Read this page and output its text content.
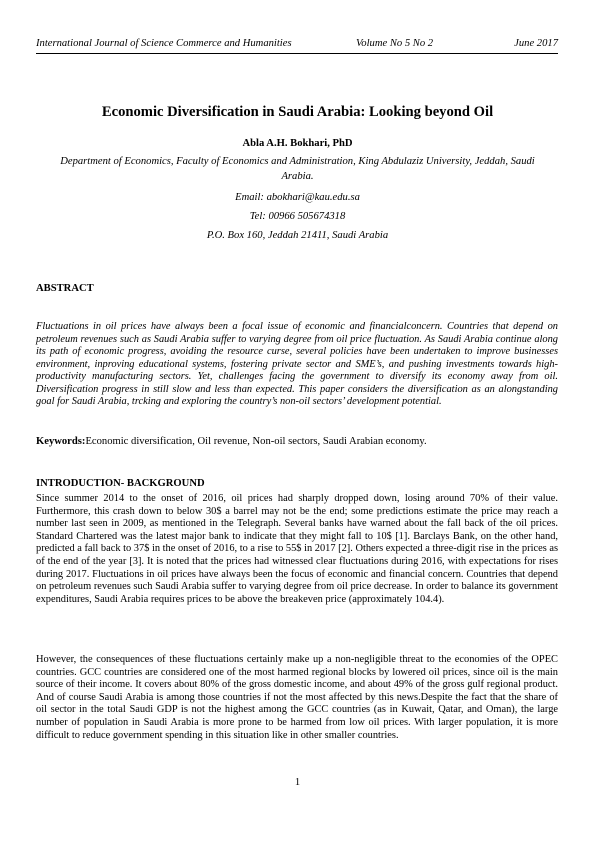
International Journal of Science Commerce and Humanities	Volume No 5 No 2	June 2017
Economic Diversification in Saudi Arabia: Looking beyond Oil
Abla A.H. Bokhari, PhD
Department of Economics, Faculty of Economics and Administration, King Abdulaziz University, Jeddah, Saudi Arabia.
Email: abokhari@kau.edu.sa
Tel: 00966 505674318
P.O. Box 160, Jeddah 21411, Saudi Arabia
ABSTRACT
Fluctuations in oil prices have always been a focal issue of economic and financialconcern. Countries that depend on petroleum revenues such as Saudi Arabia suffer to varying degree from oil price fluctuation. As Saudi Arabia continue along its path of economic progress, avoiding the resource curse, several policies have been undertaken to improve businesses environment, inproving educational systems, fostering private sector and SME’s, and pushing investments towards high-productivity manufacturing sectors. Yet, challenges facing the government to diversify its economy away from oil. Diversification progress in still slow and less than expected. This paper considers the diversification as an alongstanding goal for Saudi Arabia, trcking and exploring the country’s non-oil sectors’ development potential.
Keywords:Economic diversification, Oil revenue, Non-oil sectors, Saudi Arabian economy.
INTRODUCTION- BACKGROUND

Since summer 2014 to the onset of 2016, oil prices had sharply dropped down, losing around 70% of their value. Furthermore, this crash down to below 30$ a barrel may not be the end; some predictions estimate the price may reach a number last seen in 2009, as mentioned in the Telegraph. Several banks have warned about the fall back of the oil prices. Standard Chartered was the latest major bank to indicate that they might fall to 10$ [1]. Barclays Bank, on the other hand, predicted a fall back to 37$ in the onset of 2016, to a rise to 55$ in 2017 [2]. Others expected a three-digit rise in the prices as of the end of the year [3]. It is noted that the prices had witnessed clear fluctuations during 2016, with expectations for rises during 2017. Fluctuations in oil prices have always been the focus of economic and financial concern. Countries that depend on petroleum revenues such Saudi Arabia suffer to varying degree from oil price decrease. In order to balance its government expenditures, Saudi Arabia requires prices to be above the breakeven price (approximately 104.4).

However, the consequences of these fluctuations certainly make up a non-negligible threat to the economies of the OPEC countries. GCC countries are considered one of the most harmed regional blocks by lowered oil prices, since oil is the main source of their income. It covers about 80% of the gross domestic income, and about 49% of the gross gulf regional product. And of course Saudi Arabia is among those countries if not the most affected by this news.Despite the fact that the share of oil sector in the total Saudi GDP is not the highest among the GCC countries (as in Kuwait, Qatar, and Oman), the large number of population in Saudi Arabia is more prone to be harmed from low oil prices. With larger population, it is more difficult to reduce government spending in this situation like in other smaller countries.

1
